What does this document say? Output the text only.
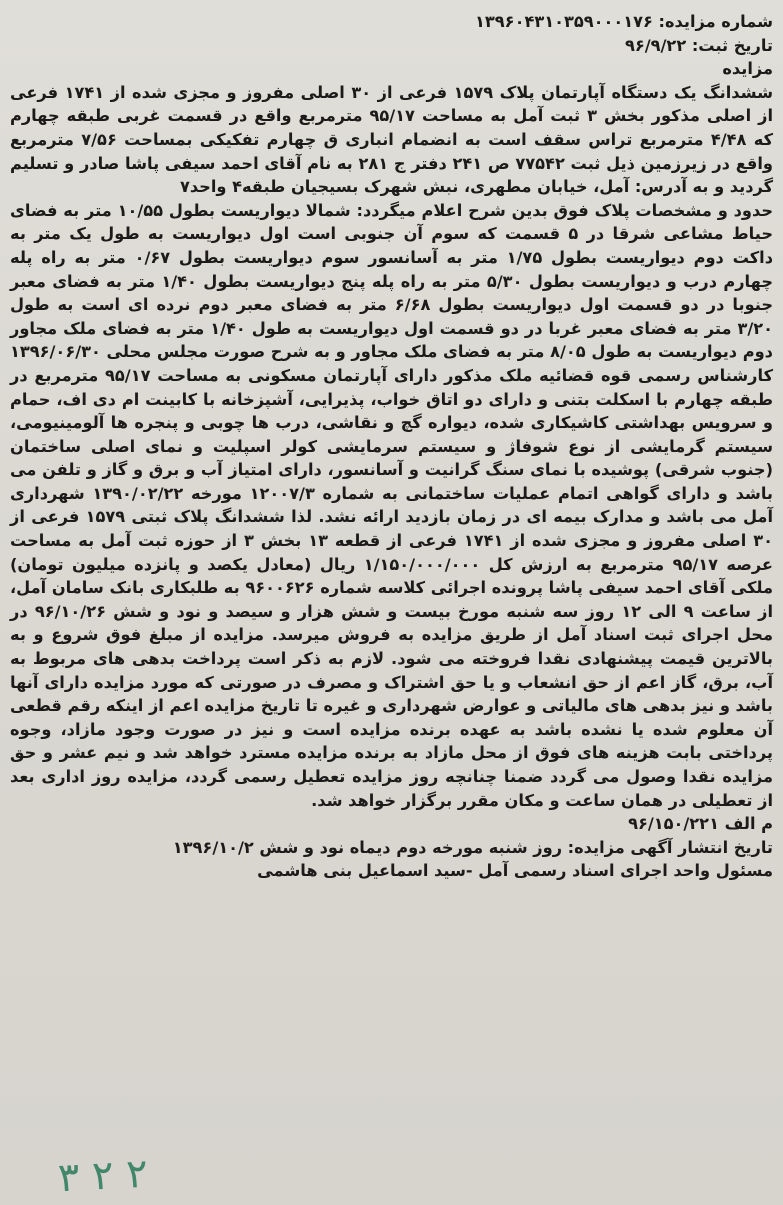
شماره مزایده: ۱۳۹۶۰۴۳۱۰۳۵۹۰۰۰۱۷۶
تاریخ ثبت: ۹۶/۹/۲۲
مزایده

ششدانگ یک دستگاه آپارتمان پلاک ۱۵۷۹ فرعی از ۳۰ اصلی مفروز و مجزی شده از ۱۷۴۱ فرعی از اصلی مذکور بخش ۳ ثبت آمل به مساحت ۹۵/۱۷ مترمربع واقع در قسمت غربی طبقه چهارم که ۴/۴۸ مترمربع تراس سقف است به انضمام انباری ق چهارم تفکیکی بمساحت ۷/۵۶ مترمربع واقع در زیرزمین ذیل ثبت ۷۷۵۴۲ ص ۲۴۱ دفتر ج ۲۸۱ به نام آقای احمد سیفی پاشا صادر و تسلیم گردید و به آدرس: آمل، خیابان مطهری، نبش شهرک بسیجیان طبقه۴ واحد۷

حدود و مشخصات پلاک فوق بدین شرح اعلام میگردد: شمالا دیواریست بطول ۱۰/۵۵ متر به فضای حیاط مشاعی شرقا در ۵ قسمت که سوم آن جنوبی است اول دیواریست به طول یک متر به داکت دوم دیواریست بطول ۱/۷۵ متر به آسانسور سوم دیواریست بطول ۰/۶۷ متر به راه پله چهارم درب و دیواریست بطول ۵/۳۰ متر به راه پله پنج دیواریست بطول ۱/۴۰ متر به فضای معبر جنوبا در دو قسمت اول دیواریست بطول ۶/۶۸ متر به فضای معبر دوم نرده ای است به طول ۳/۲۰ متر به فضای معبر غربا در دو قسمت اول دیواریست به طول ۱/۴۰ متر به فضای ملک مجاور دوم دیواریست به طول ۸/۰۵ متر به فضای ملک مجاور و به شرح صورت مجلس محلی ۱۳۹۶/۰۶/۳۰ کارشناس رسمی قوه قضائیه ملک مذکور دارای آپارتمان مسکونی به مساحت ۹۵/۱۷ مترمربع در طبقه چهارم با اسکلت بتنی و دارای دو اتاق خواب، پذیرایی، آشپزخانه با کابینت ام دی اف، حمام و سرویس بهداشتی کاشیکاری شده، دیواره گچ و نقاشی، درب ها چوبی و پنجره ها آلومینیومی، سیستم گرمایشی از نوع شوفاژ و سیستم سرمایشی کولر اسپلیت و نمای اصلی ساختمان (جنوب شرقی) پوشیده با نمای سنگ گرانیت و آسانسور، دارای امتیاز آب و برق و گاز و تلفن می باشد و دارای گواهی اتمام عملیات ساختمانی به شماره ۱۲۰۰۷/۳ مورخه ۱۳۹۰/۰۲/۲۲ شهرداری آمل می باشد و مدارک بیمه ای در زمان بازدید ارائه نشد. لذا ششدانگ پلاک ثبتی ۱۵۷۹ فرعی از ۳۰ اصلی مفروز و مجزی شده از ۱۷۴۱ فرعی از قطعه ۱۳ بخش ۳ از حوزه ثبت آمل به مساحت عرصه ۹۵/۱۷ مترمربع به ارزش کل ۱/۱۵۰/۰۰۰/۰۰۰ ریال (معادل یکصد و پانزده میلیون تومان) ملکی آقای احمد سیفی پاشا پرونده اجرائی کلاسه شماره ۹۶۰۰۶۲۶ به طلبکاری بانک سامان آمل، از ساعت ۹ الی ۱۲ روز سه شنبه مورخ بیست و شش هزار و سیصد و نود و شش ۹۶/۱۰/۲۶ در محل اجرای ثبت اسناد آمل از طریق مزایده به فروش میرسد. مزایده از مبلغ فوق شروع و به بالاترین قیمت پیشنهادی نقدا فروخته می شود. لازم به ذکر است پرداخت بدهی های مربوط به آب، برق، گاز اعم از حق انشعاب و یا حق اشتراک و مصرف در صورتی که مورد مزایده دارای آنها باشد و نیز بدهی های مالیاتی و عوارض شهرداری و غیره تا تاریخ مزایده اعم از اینکه رقم قطعی آن معلوم شده یا نشده باشد به عهده برنده مزایده است و نیز در صورت وجود مازاد، وجوه پرداختی بابت هزینه های فوق از محل مازاد به برنده مزایده مسترد خواهد شد و نیم عشر و حق مزایده نقدا وصول می گردد ضمنا چنانچه روز مزایده تعطیل رسمی گردد، مزایده روز اداری بعد از تعطیلی در همان ساعت و مکان مقرر برگزار خواهد شد.

م الف ۹۶/۱۵۰/۲۲۱
تاریخ انتشار آگهی مزایده: روز شنبه مورخه دوم دیماه نود و شش ۱۳۹۶/۱۰/۲
مسئول واحد اجرای اسناد رسمی آمل -سید اسماعیل بنی هاشمی
۳ ۲ ۲
